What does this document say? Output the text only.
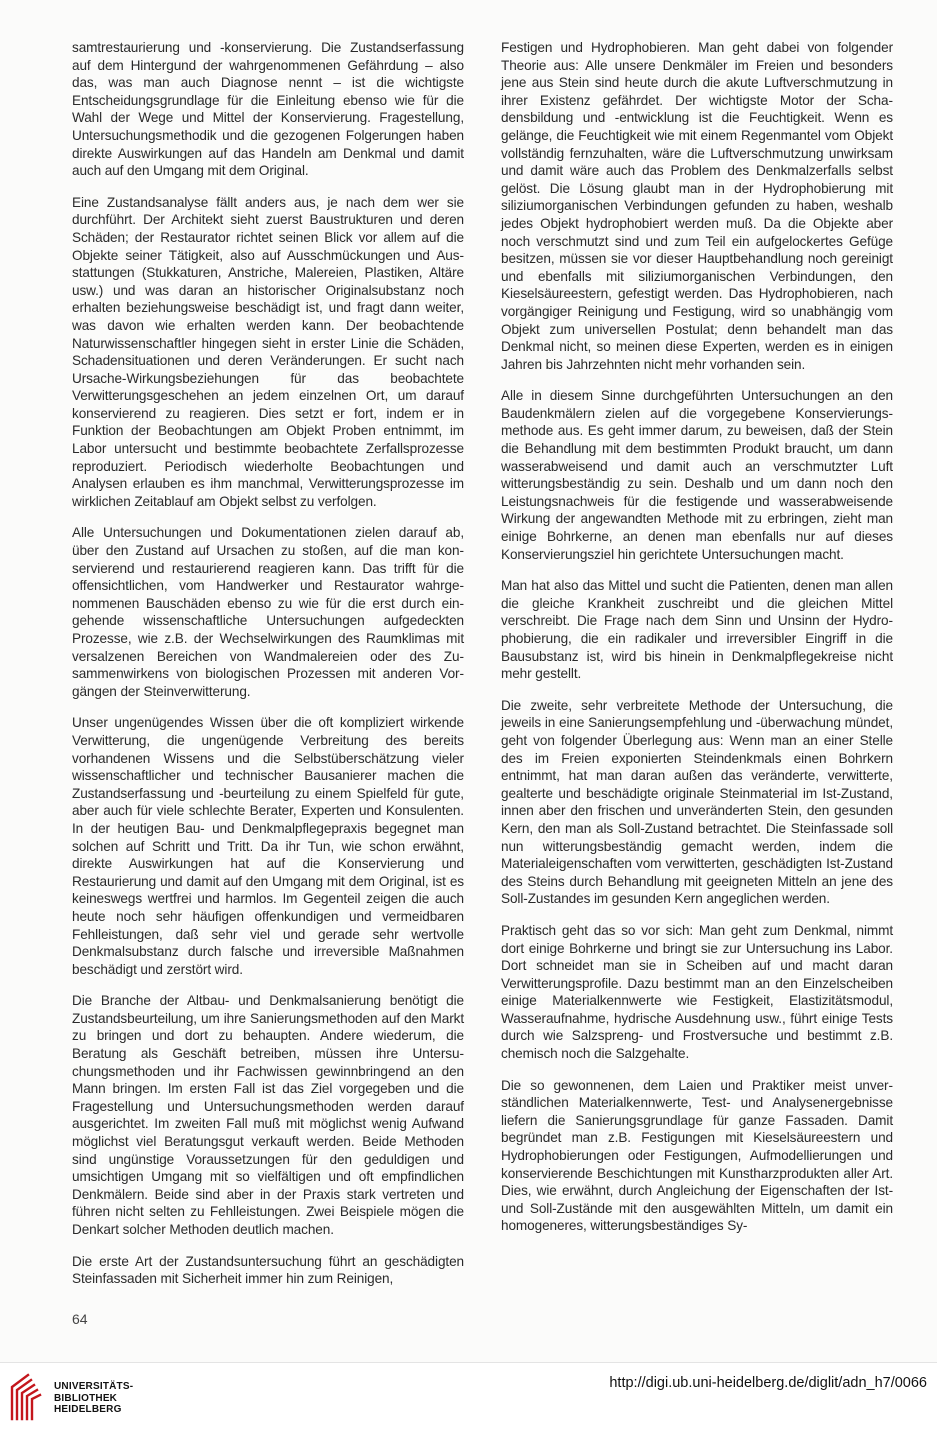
samtrestaurierung und -konservierung. Die Zustandserfassung auf dem Hintergund der wahrgenommenen Gefährdung – also das, was man auch Diagnose nennt – ist die wichtigste Entscheidungsgrundlage für die Einleitung ebenso wie für die Wahl der Wege und Mittel der Konservierung. Fragestellung, Untersuchungsmethodik und die gezogenen Folgerungen haben direkte Auswirkungen auf das Handeln am Denkmal und damit auch auf den Umgang mit dem Original.

Eine Zustandsanalyse fällt anders aus, je nach dem wer sie durchführt. Der Architekt sieht zuerst Baustrukturen und deren Schäden; der Restaurator richtet seinen Blick vor allem auf die Objekte seiner Tätigkeit, also auf Ausschmückungen und Ausstattungen (Stukkaturen, Anstriche, Malereien, Plastiken, Altäre usw.) und was daran an historischer Originalsubstanz noch erhalten beziehungsweise beschädigt ist, und fragt dann weiter, was davon wie erhalten werden kann. Der beobachtende Naturwissenschaftler hingegen sieht in erster Linie die Schäden, Schadensituationen und deren Veränderungen. Er sucht nach Ursache-Wirkungsbeziehungen für das beobachtete Verwitterungsgeschehen an jedem einzelnen Ort, um darauf konservierend zu reagieren. Dies setzt er fort, indem er in Funktion der Beobachtungen am Objekt Proben entnimmt, im Labor untersucht und bestimmte beobachtete Zerfallsprozesse reproduziert. Periodisch wiederholte Beobachtungen und Analysen erlauben es ihm manchmal, Verwitterungsprozesse im wirklichen Zeitablauf am Objekt selbst zu verfolgen.

Alle Untersuchungen und Dokumentationen zielen darauf ab, über den Zustand auf Ursachen zu stoßen, auf die man konservierend und restaurierend reagieren kann. Das trifft für die offensichtlichen, vom Handwerker und Restaurator wahrgenommenen Bauschäden ebenso zu wie für die erst durch eingehende wissenschaftliche Untersuchungen aufgedeckten Prozesse, wie z.B. der Wechselwirkungen des Raumklimas mit versalzenen Bereichen von Wandmalereien oder des Zusammenwirkens von biologischen Prozessen mit anderen Vorgängen der Steinverwitterung.

Unser ungenügendes Wissen über die oft kompliziert wirkende Verwitterung, die ungenügende Verbreitung des bereits vorhandenen Wissens und die Selbstüberschätzung vieler wissenschaftlicher und technischer Bausanierer machen die Zustandserfassung und -beurteilung zu einem Spielfeld für gute, aber auch für viele schlechte Berater, Experten und Konsulenten. In der heutigen Bau- und Denkmalpflegepraxis begegnet man solchen auf Schritt und Tritt. Da ihr Tun, wie schon erwähnt, direkte Auswirkungen hat auf die Konservierung und Restaurierung und damit auf den Umgang mit dem Original, ist es keineswegs wertfrei und harmlos. Im Gegenteil zeigen die auch heute noch sehr häufigen offenkundigen und vermeidbaren Fehlleistungen, daß sehr viel und gerade sehr wertvolle Denkmalsubstanz durch falsche und irreversible Maßnahmen beschädigt und zerstört wird.

Die Branche der Altbau- und Denkmalsanierung benötigt die Zustandsbeurteilung, um ihre Sanierungsmethoden auf den Markt zu bringen und dort zu behaupten. Andere wiederum, die Beratung als Geschäft betreiben, müssen ihre Untersuchungsmethoden und ihr Fachwissen gewinnbringend an den Mann bringen. Im ersten Fall ist das Ziel vorgegeben und die Fragestellung und Untersuchungsmethoden werden darauf ausgerichtet. Im zweiten Fall muß mit möglichst wenig Aufwand möglichst viel Beratungsgut verkauft werden. Beide Methoden sind ungünstige Voraussetzungen für den geduldigen und umsichtigen Umgang mit so vielfältigen und oft empfindlichen Denkmälern. Beide sind aber in der Praxis stark vertreten und führen nicht selten zu Fehlleistungen. Zwei Beispiele mögen die Denkart solcher Methoden deutlich machen.

Die erste Art der Zustandsuntersuchung führt an geschädigten Steinfassaden mit Sicherheit immer hin zum Reinigen,

Festigen und Hydrophobieren. Man geht dabei von folgender Theorie aus: Alle unsere Denkmäler im Freien und besonders jene aus Stein sind heute durch die akute Luftverschmutzung in ihrer Existenz gefährdet. Der wichtigste Motor der Schadensbildung und -entwicklung ist die Feuchtigkeit. Wenn es gelänge, die Feuchtigkeit wie mit einem Regenmantel vom Objekt vollständig fernzuhalten, wäre die Luftverschmutzung unwirksam und damit wäre auch das Problem des Denkmalzerfalls selbst gelöst. Die Lösung glaubt man in der Hydrophobierung mit siliziumorganischen Verbindungen gefunden zu haben, weshalb jedes Objekt hydrophobiert werden muß. Da die Objekte aber noch verschmutzt sind und zum Teil ein aufgelockertes Gefüge besitzen, müssen sie vor dieser Hauptbehandlung noch gereinigt und ebenfalls mit siliziumorganischen Verbindungen, den Kieselsäureestern, gefestigt werden. Das Hydrophobieren, nach vorgängiger Reinigung und Festigung, wird so unabhängig vom Objekt zum universellen Postulat; denn behandelt man das Denkmal nicht, so meinen diese Experten, werden es in einigen Jahren bis Jahrzehnten nicht mehr vorhanden sein.

Alle in diesem Sinne durchgeführten Untersuchungen an den Baudenkmälern zielen auf die vorgegebene Konservierungsmethode aus. Es geht immer darum, zu beweisen, daß der Stein die Behandlung mit dem bestimmten Produkt braucht, um dann wasserabweisend und damit auch an verschmutzter Luft witterungsbeständig zu sein. Deshalb und um dann noch den Leistungsnachweis für die festigende und wasserabweisende Wirkung der angewandten Methode mit zu erbringen, zieht man einige Bohrkerne, an denen man ebenfalls nur auf dieses Konservierungsziel hin gerichtete Untersuchungen macht.

Man hat also das Mittel und sucht die Patienten, denen man allen die gleiche Krankheit zuschreibt und die gleichen Mittel verschreibt. Die Frage nach dem Sinn und Unsinn der Hydrophobierung, die ein radikaler und irreversibler Eingriff in die Bausubstanz ist, wird bis hinein in Denkmalpflegekreise nicht mehr gestellt.

Die zweite, sehr verbreitete Methode der Untersuchung, die jeweils in eine Sanierungsempfehlung und -überwachung mündet, geht von folgender Überlegung aus: Wenn man an einer Stelle des im Freien exponierten Steindenkmals einen Bohrkern entnimmt, hat man daran außen das veränderte, verwitterte, gealterte und beschädigte originale Steinmaterial im Ist-Zustand, innen aber den frischen und unveränderten Stein, den gesunden Kern, den man als Soll-Zustand betrachtet. Die Steinfassade soll nun witterungsbeständig gemacht werden, indem die Materialeigenschaften vom verwitterten, geschädigten Ist-Zustand des Steins durch Behandlung mit geeigneten Mitteln an jene des Soll-Zustandes im gesunden Kern angeglichen werden.

Praktisch geht das so vor sich: Man geht zum Denkmal, nimmt dort einige Bohrkerne und bringt sie zur Untersuchung ins Labor. Dort schneidet man sie in Scheiben auf und macht daran Verwitterungsprofile. Dazu bestimmt man an den Einzelscheiben einige Materialkennwerte wie Festigkeit, Elastizitätsmodul, Wasseraufnahme, hydrische Ausdehnung usw., führt einige Tests durch wie Salzspreng- und Frostversuche und bestimmt z.B. chemisch noch die Salzgehalte.

Die so gewonnenen, dem Laien und Praktiker meist unverständlichen Materialkennwerte, Test- und Analysenergebnisse liefern die Sanierungsgrundlage für ganze Fassaden. Damit begründet man z.B. Festigungen mit Kieselsäureestern und Hydrophobierungen oder Festigungen, Aufmodellierungen und konservierende Beschichtungen mit Kunstharzprodukten aller Art. Dies, wie erwähnt, durch Angleichung der Eigenschaften der Ist- und Soll-Zustände mit den ausgewählten Mitteln, um damit ein homogeneres, witterungsbeständiges Sy-

64
UNIVERSITÄTS-
BIBLIOTHEK
HEIDELBERG
http://digi.ub.uni-heidelberg.de/diglit/adn_h7/0066
